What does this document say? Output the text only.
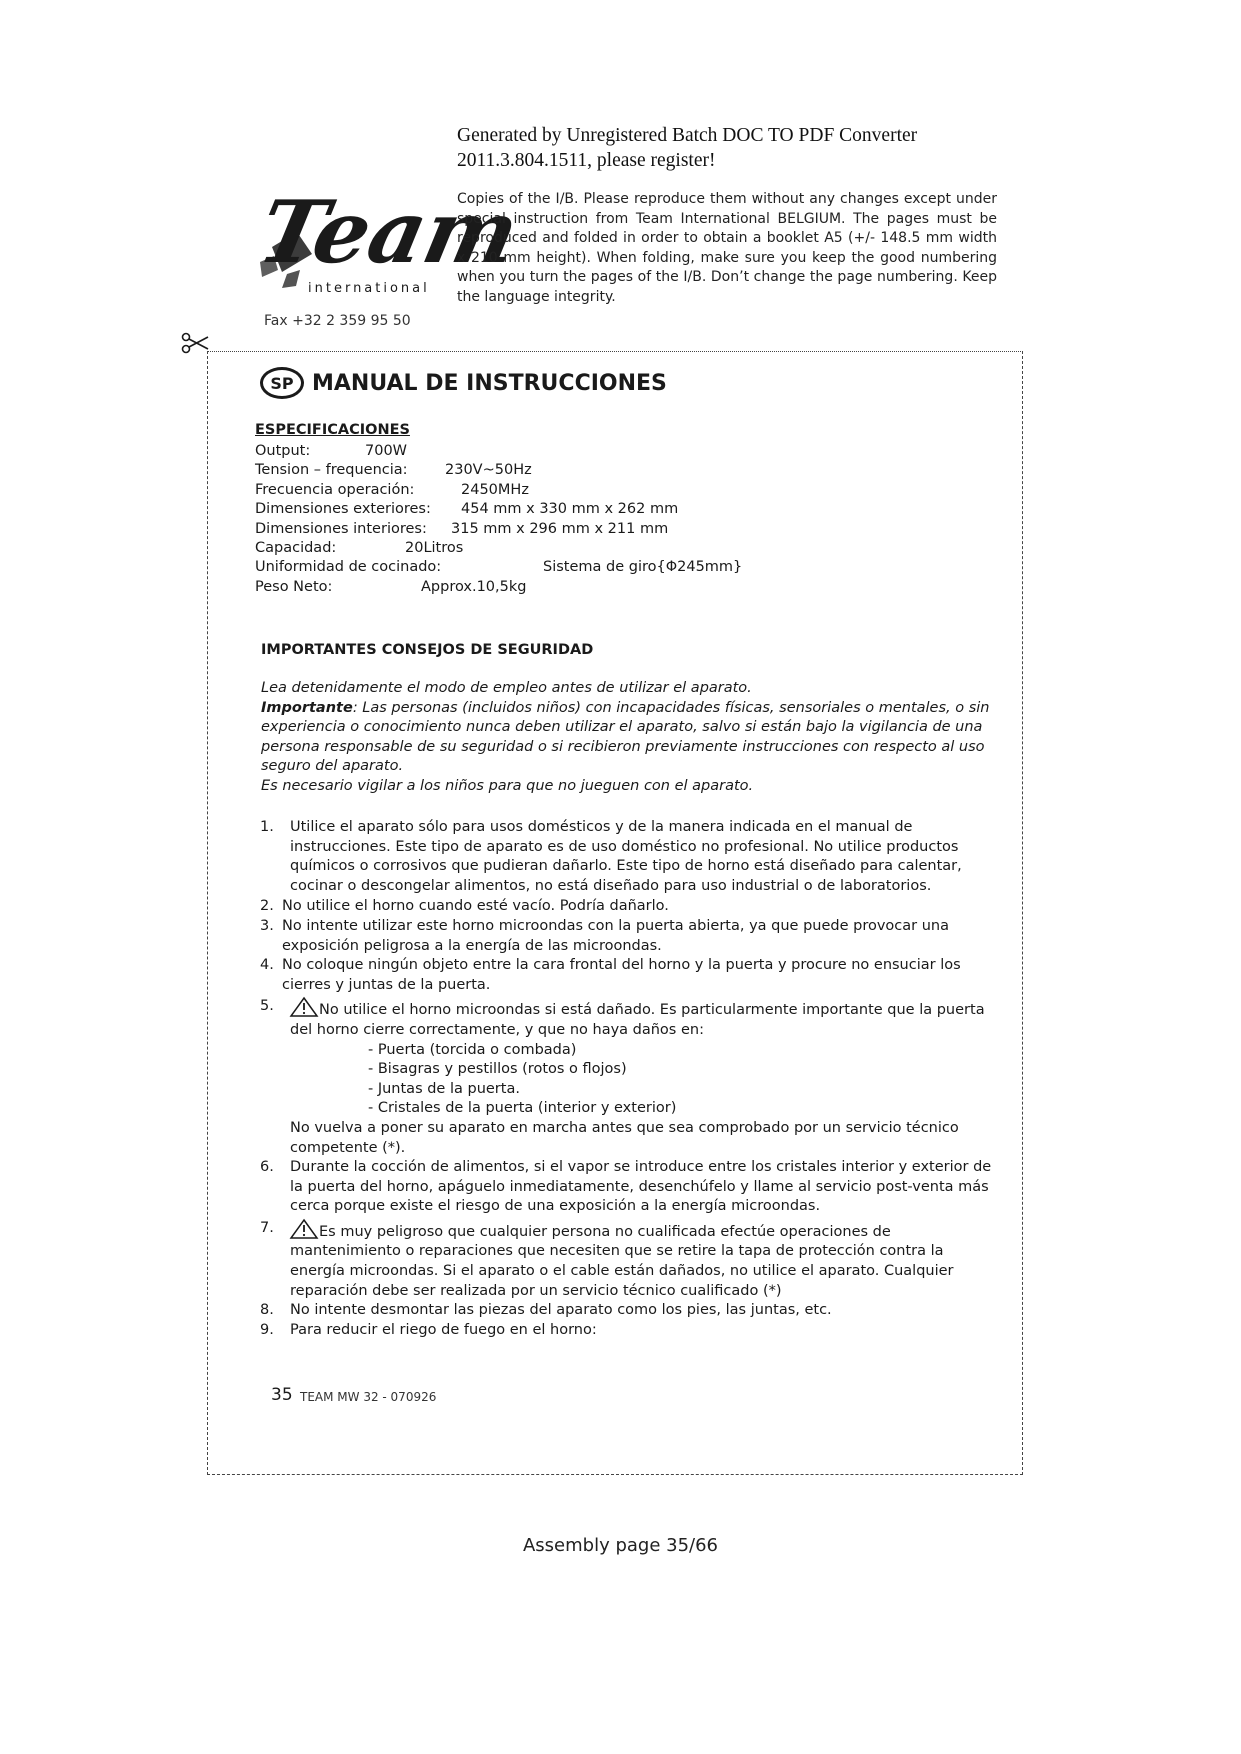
Generated by Unregistered Batch DOC TO PDF Converter
2011.3.804.1511, please register!
Team
international
Fax +32 2 359 95 50
Copies of the I/B. Please reproduce them without any changes except under special instruction from Team International BELGIUM. The pages must be reproduced and folded in order to obtain a booklet A5 (+/- 148.5 mm width x 210 mm height). When folding, make sure you keep the good numbering when you turn the pages of the I/B. Don’t change the page numbering. Keep the language integrity.
SP MANUAL DE INSTRUCCIONES
ESPECIFICACIONES
Output:	700W
Tension – frequencia:	230V~50Hz
Frecuencia operación:	2450MHz
Dimensiones exteriores: 454 mm x 330 mm x 262 mm
Dimensiones interiores: 315 mm x 296 mm x 211 mm
Capacidad:	20Litros
Uniformidad de cocinado:	Sistema de giro{Φ245mm}
Peso Neto:	Approx.10,5kg
IMPORTANTES CONSEJOS DE SEGURIDAD
Lea detenidamente el modo de empleo antes de utilizar el aparato.
Importante: Las personas (incluidos niños) con incapacidades físicas, sensoriales o mentales, o sin experiencia o conocimiento nunca deben utilizar el aparato, salvo si están bajo la vigilancia de una persona responsable de su seguridad o si recibieron previamente instrucciones con respecto al uso seguro del aparato.
Es necesario vigilar a los niños para que no jueguen con el aparato.
1. Utilice el aparato sólo para usos domésticos y de la manera indicada en el manual de instrucciones. Este tipo de aparato es de uso doméstico no profesional. No utilice productos químicos o corrosivos que pudieran dañarlo. Este tipo de horno está diseñado para calentar, cocinar o descongelar alimentos, no está diseñado para uso industrial o de laboratorios.
2. No utilice el horno cuando esté vacío. Podría dañarlo.
3. No intente utilizar este horno microondas con la puerta abierta, ya que puede provocar una exposición peligrosa a la energía de las microondas.
4. No coloque ningún objeto entre la cara frontal del horno y la puerta y procure no ensuciar los cierres y juntas de la puerta.
5.	No utilice el horno microondas si está dañado. Es particularmente importante que la puerta del horno cierre correctamente, y que no haya daños en:
- Puerta (torcida o combada)
- Bisagras y pestillos (rotos o flojos)
- Juntas de la puerta.
- Cristales de la puerta (interior y exterior)
No vuelva a poner su aparato en marcha antes que sea comprobado por un servicio técnico competente (*).
6. Durante la cocción de alimentos, si el vapor se introduce entre los cristales interior y exterior de la puerta del horno, apáguelo inmediatamente, desenchúfelo y llame al servicio post-venta más cerca porque existe el riesgo de una exposición a la energía microondas.
7.	Es muy peligroso que cualquier persona no cualificada efectúe operaciones de mantenimiento o reparaciones que necesiten que se retire la tapa de protección contra la energía microondas. Si el aparato o el cable están dañados, no utilice el aparato. Cualquier reparación debe ser realizada por un servicio técnico cualificado (*)
8. No intente desmontar las piezas del aparato como los pies, las juntas, etc.
9. Para reducir el riego de fuego en el horno:
35 TEAM MW 32 - 070926
Assembly page 35/66
